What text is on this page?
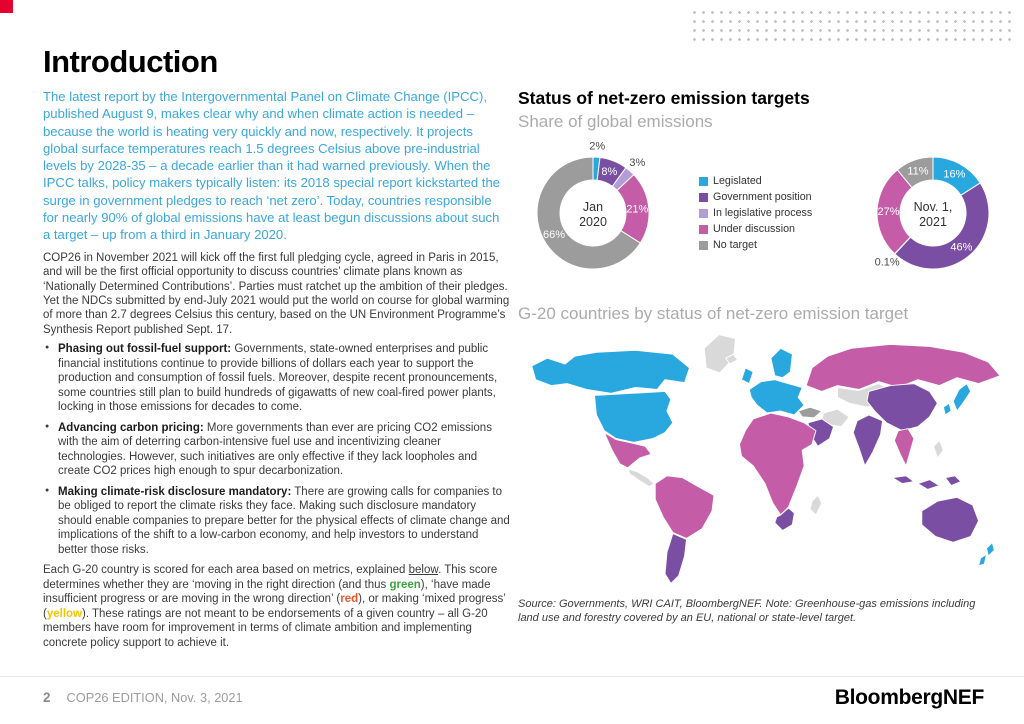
Introduction

The latest report by the Intergovernmental Panel on Climate Change (IPCC), published August 9, makes clear why and when climate action is needed – because the world is heating very quickly and now, respectively. It projects global surface temperatures reach 1.5 degrees Celsius above pre-industrial levels by 2028-35 – a decade earlier than it had warned previously. When the IPCC talks, policy makers typically listen: its 2018 special report kickstarted the surge in government pledges to reach ‘net zero’. Today, countries responsible for nearly 90% of global emissions have at least begun discussions about such a target – up from a third in January 2020.

COP26 in November 2021 will kick off the first full pledging cycle, agreed in Paris in 2015, and will be the first official opportunity to discuss countries’ climate plans known as ‘Nationally Determined Contributions’. Parties must ratchet up the ambition of their pledges. Yet the NDCs submitted by end-July 2021 would put the world on course for global warming of more than 2.7 degrees Celsius this century, based on the UN Environment Programme’s Synthesis Report published Sept. 17.

● Phasing out fossil-fuel support: Governments, state-owned enterprises and public financial institutions continue to provide billions of dollars each year to support the production and consumption of fossil fuels. Moreover, despite recent pronouncements, some countries still plan to build hundreds of gigawatts of new coal-fired power plants, locking in those emissions for decades to come.
● Advancing carbon pricing: More governments than ever are pricing CO2 emissions with the aim of deterring carbon-intensive fuel use and incentivizing cleaner technologies. However, such initiatives are only effective if they lack loopholes and create CO2 prices high enough to spur decarbonization.
● Making climate-risk disclosure mandatory: There are growing calls for companies to be obliged to report the climate risks they face. Making such disclosure mandatory should enable companies to prepare better for the physical effects of climate change and implications of the shift to a low-carbon economy, and help investors to understand better those risks.

Each G-20 country is scored for each area based on metrics, explained below. This score determines whether they are ‘moving in the right direction (and thus green), ‘have made insufficient progress or are moving in the wrong direction’ (red), or making ‘mixed progress’ (yellow). These ratings are not meant to be endorsements of a given country – all G-20 members have room for improvement in terms of climate ambition and implementing concrete policy support to achieve it.

Status of net-zero emission targets
Share of global emissions
2%
8%
3%
21%
66%
Jan
2020
Legislated
Government position
In legislative process
Under discussion
No target
16%
46%
0.1%
27%
11%
Nov. 1,
2021
G-20 countries by status of net-zero emission target
Source: Governments, WRI CAIT, BloombergNEF. Note: Greenhouse-gas emissions including land use and forestry covered by an EU, national or state-level target.
2 COP26 EDITION, Nov. 3, 2021	BloombergNEF
